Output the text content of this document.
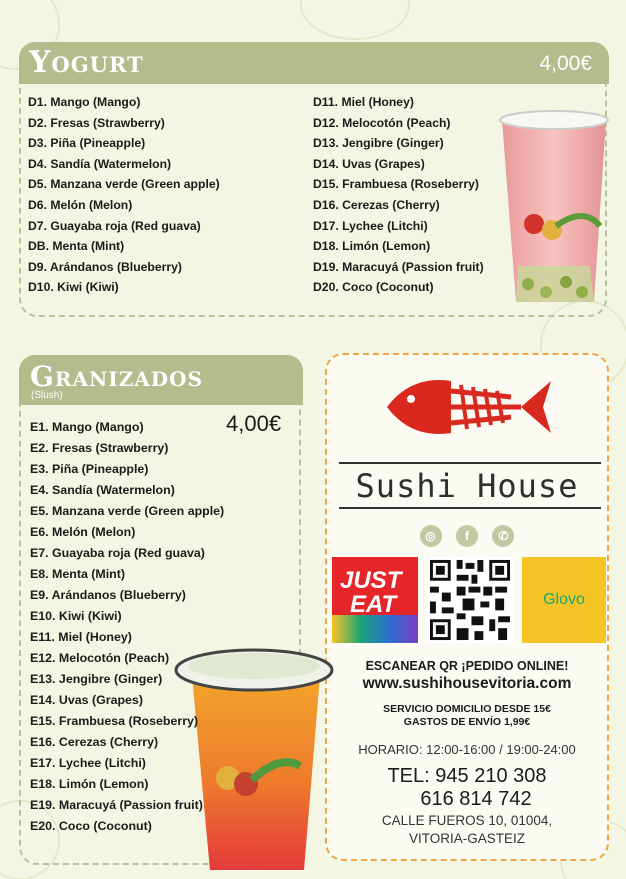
Yogurt	4,00€
D1. Mango (Mango)
D2. Fresas (Strawberry)
D3. Piña (Pineapple)
D4. Sandía (Watermelon)
D5. Manzana verde (Green apple)
D6. Melón (Melon)
D7. Guayaba roja (Red guava)
DB. Menta (Mint)
D9. Arándanos (Blueberry)
D10. Kiwi (Kiwi)
D11. Miel (Honey)
D12. Melocotón (Peach)
D13. Jengibre (Ginger)
D14. Uvas (Grapes)
D15. Frambuesa (Roseberry)
D16. Cerezas (Cherry)
D17. Lychee (Litchi)
D18. Limón (Lemon)
D19. Maracuyá (Passion fruit)
D20. Coco (Coconut)
Granizados
(Slush)
4,00€
E1. Mango (Mango)
E2. Fresas (Strawberry)
E3. Piña (Pineapple)
E4. Sandía (Watermelon)
E5. Manzana verde (Green apple)
E6. Melón (Melon)
E7. Guayaba roja (Red guava)
E8. Menta (Mint)
E9. Arándanos (Blueberry)
E10. Kiwi (Kiwi)
E11. Miel (Honey)
E12. Melocotón (Peach)
E13. Jengibre (Ginger)
E14. Uvas (Grapes)
E15. Frambuesa (Roseberry)
E16. Cerezas (Cherry)
E17. Lychee (Litchi)
E18. Limón (Lemon)
E19. Maracuyá (Passion fruit)
E20. Coco (Coconut)
Sushi House
◎ f ✆
JUST
EAT	Glovo
ESCANEAR QR ¡PEDIDO ONLINE!
www.sushihousevitoria.com
SERVICIO DOMICILIO DESDE 15€
GASTOS DE ENVÍO 1,99€
HORARIO: 12:00-16:00 / 19:00-24:00
TEL: 945 210 308
616 814 742
CALLE FUEROS 10, 01004,
VITORIA-GASTEIZ
